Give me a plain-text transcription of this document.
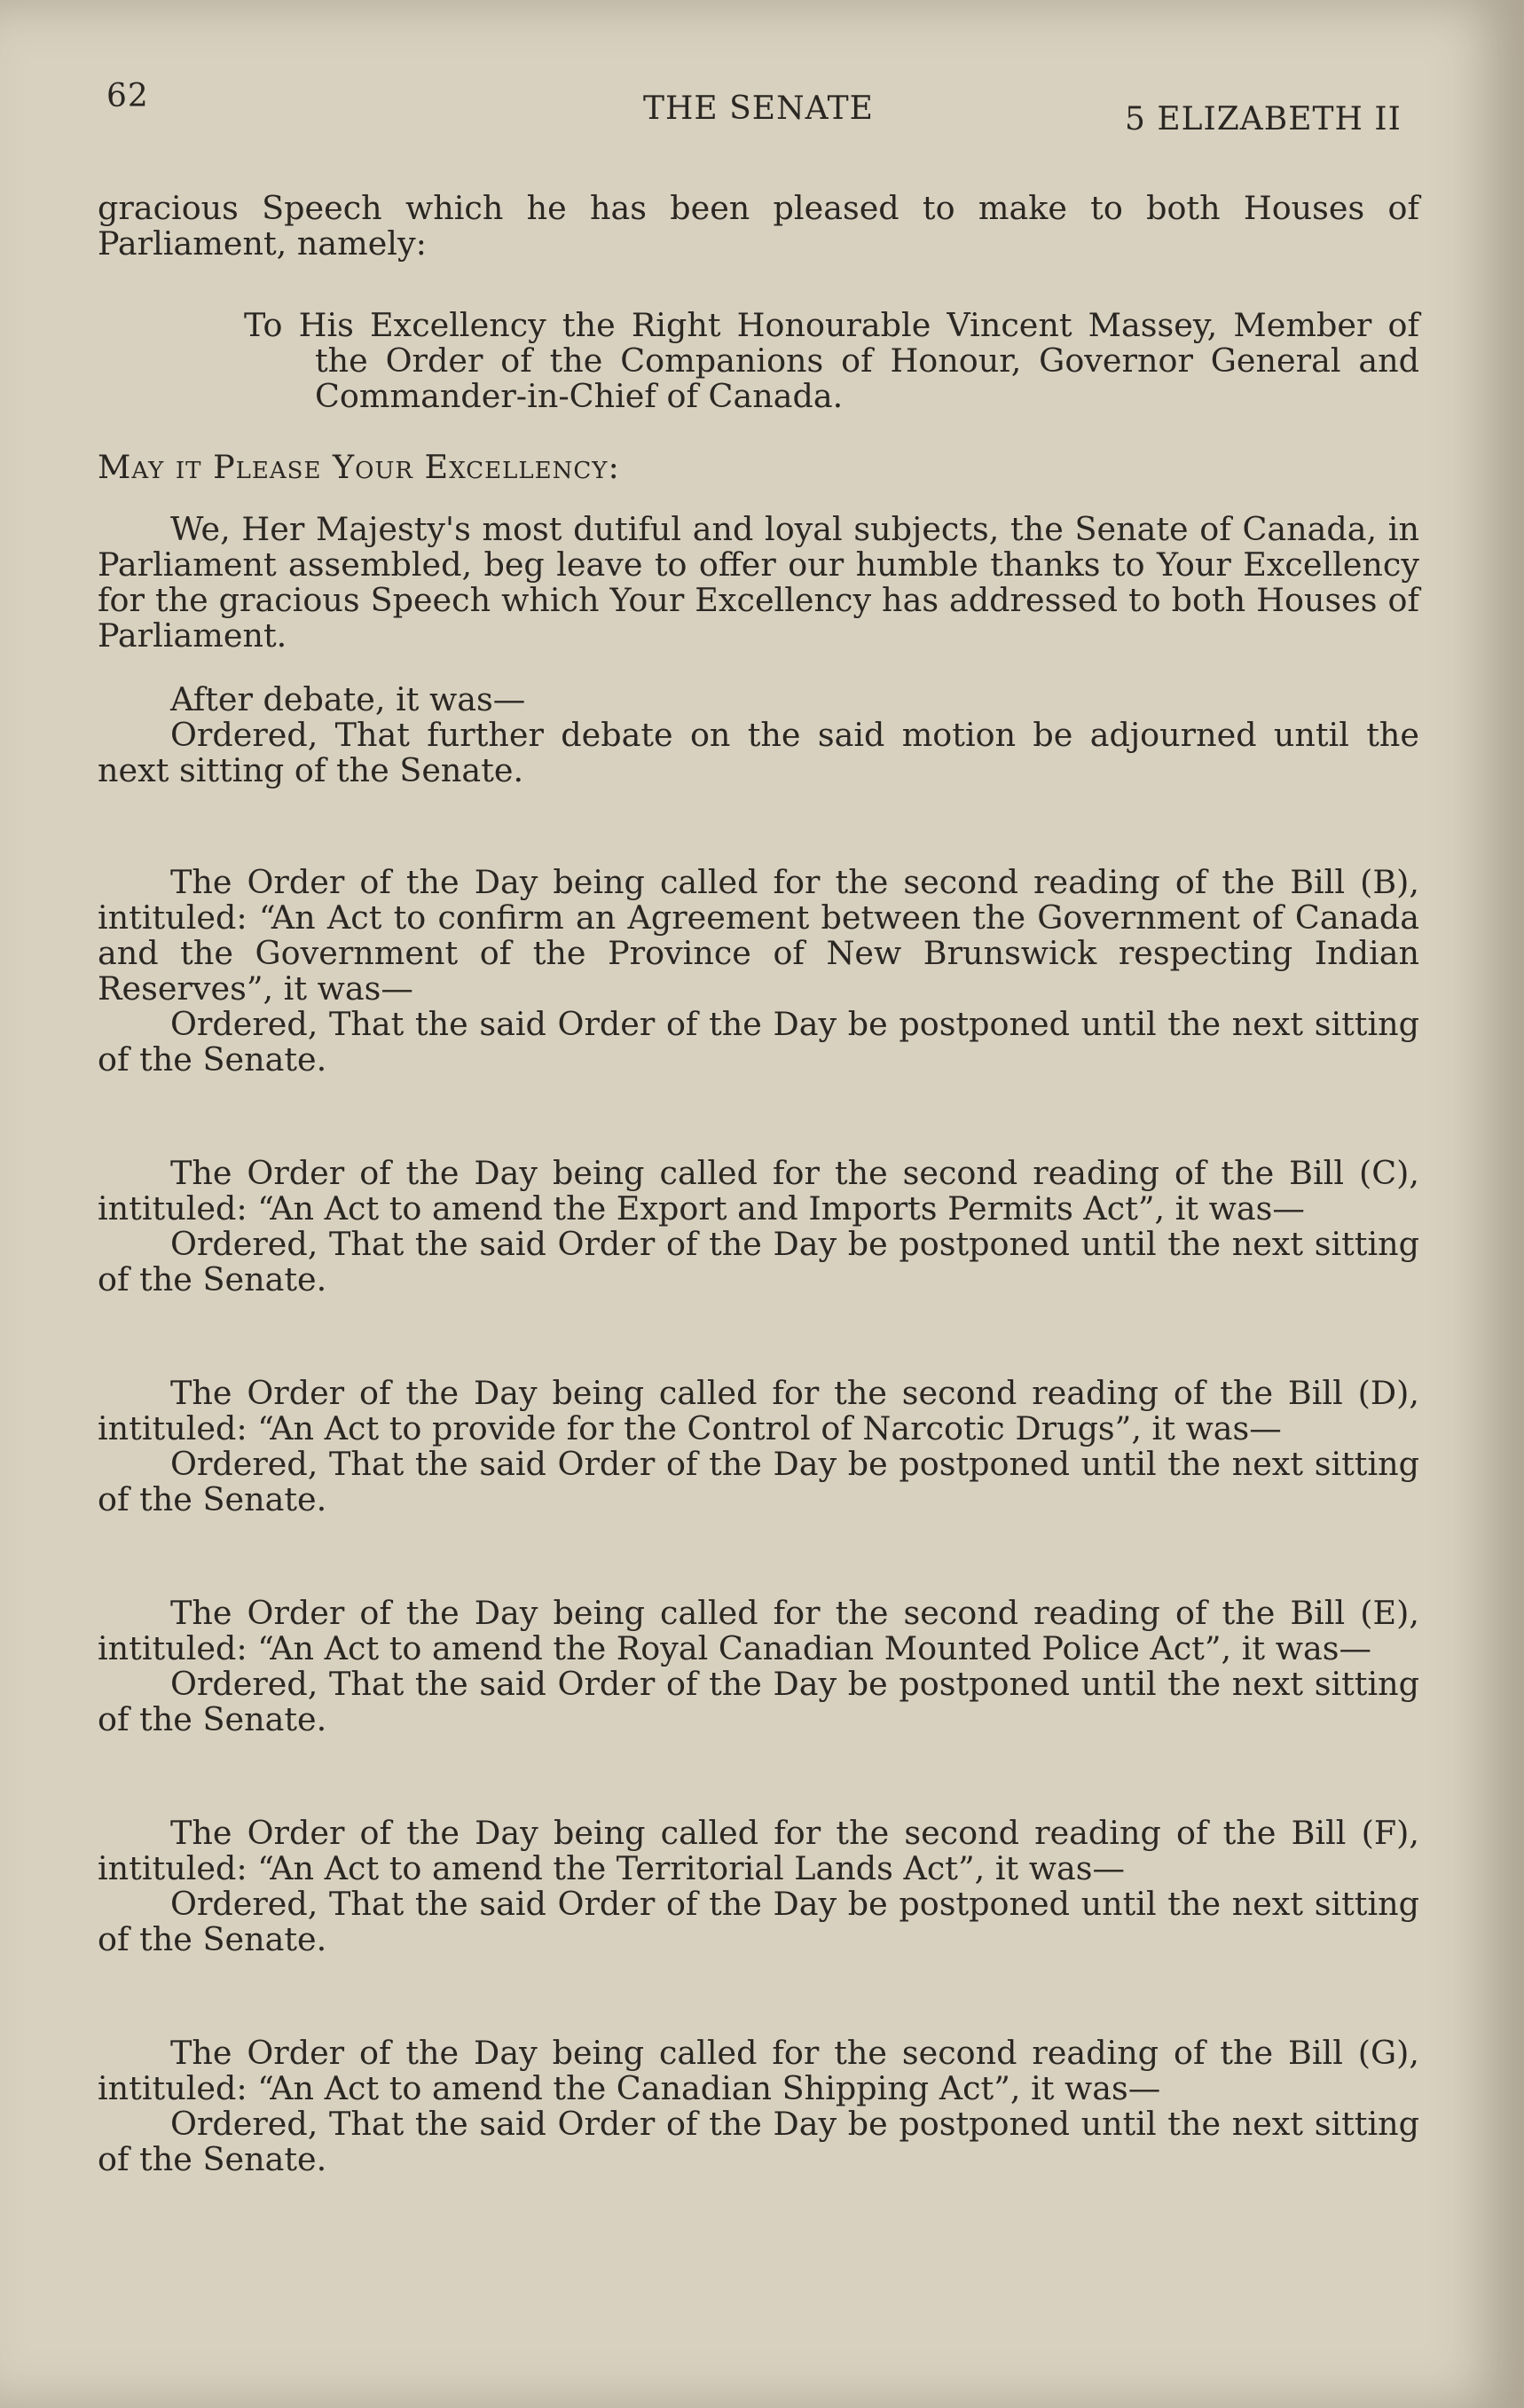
62	THE SENATE	5 ELIZABETH II

gracious Speech which he has been pleased to make to both Houses of Parliament, namely:

To His Excellency the Right Honourable Vincent Massey, Member of the Order of the Companions of Honour, Governor General and Commander-in-Chief of Canada.

May it Please Your Excellency:

We, Her Majesty's most dutiful and loyal subjects, the Senate of Canada, in Parliament assembled, beg leave to offer our humble thanks to Your Excellency for the gracious Speech which Your Excellency has addressed to both Houses of Parliament.

After debate, it was—

Ordered, That further debate on the said motion be adjourned until the next sitting of the Senate.

The Order of the Day being called for the second reading of the Bill (B), intituled: “An Act to confirm an Agreement between the Government of Canada and the Government of the Province of New Brunswick respecting Indian Reserves”, it was—

Ordered, That the said Order of the Day be postponed until the next sitting of the Senate.

The Order of the Day being called for the second reading of the Bill (C), intituled: “An Act to amend the Export and Imports Permits Act”, it was—

Ordered, That the said Order of the Day be postponed until the next sitting of the Senate.

The Order of the Day being called for the second reading of the Bill (D), intituled: “An Act to provide for the Control of Narcotic Drugs”, it was—

Ordered, That the said Order of the Day be postponed until the next sitting of the Senate.

The Order of the Day being called for the second reading of the Bill (E), intituled: “An Act to amend the Royal Canadian Mounted Police Act”, it was—

Ordered, That the said Order of the Day be postponed until the next sitting of the Senate.

The Order of the Day being called for the second reading of the Bill (F), intituled: “An Act to amend the Territorial Lands Act”, it was—

Ordered, That the said Order of the Day be postponed until the next sitting of the Senate.

The Order of the Day being called for the second reading of the Bill (G), intituled: “An Act to amend the Canadian Shipping Act”, it was—

Ordered, That the said Order of the Day be postponed until the next sitting of the Senate.
